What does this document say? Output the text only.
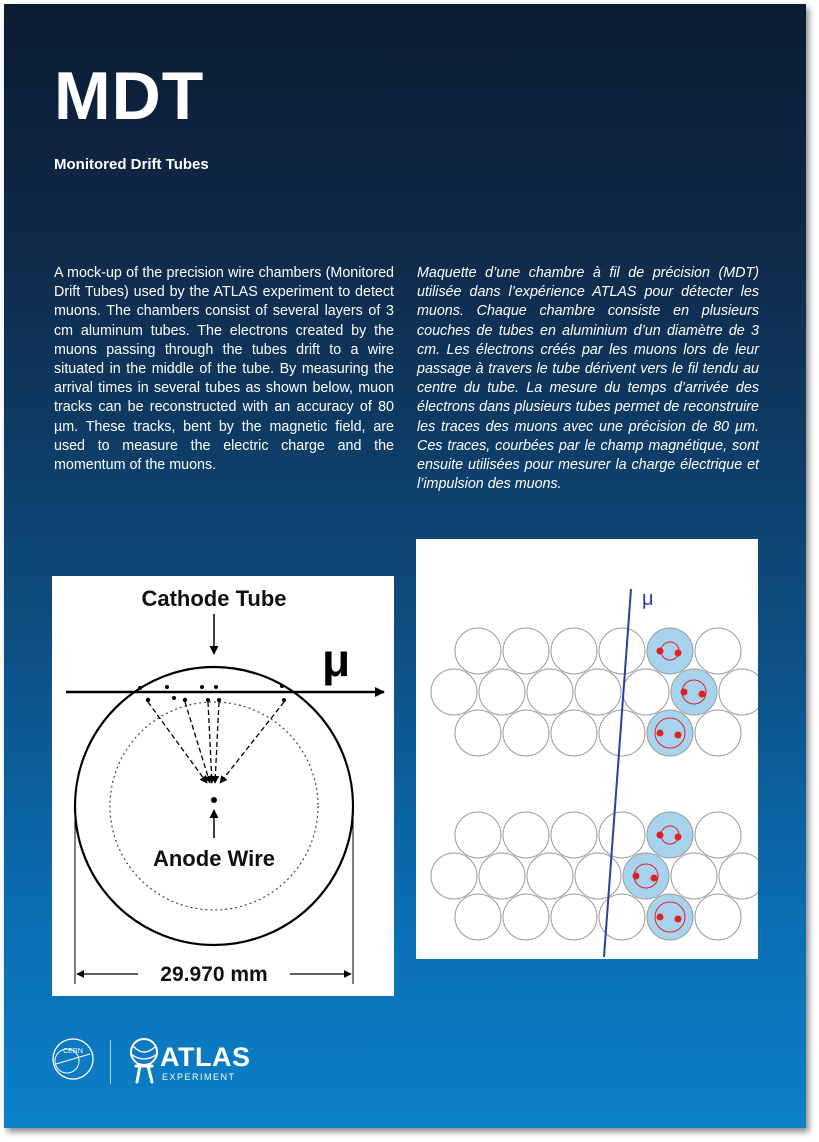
MDT
Monitored Drift Tubes

A mock-up of the precision wire chambers (Monitored Drift Tubes) used by the ATLAS experiment to detect muons. The chambers consist of several layers of 3 cm aluminum tubes. The electrons created by the muons passing through the tubes drift to a wire situated in the middle of the tube. By measuring the arrival times in several tubes as shown below, muon tracks can be reconstructed with an accuracy of 80 µm. These tracks, bent by the magnetic field, are used to measure the electric charge and the momentum of the muons.

Maquette d’une chambre à fil de précision (MDT) utilisée dans l’expérience ATLAS pour détecter les muons. Chaque chambre consiste en plusieurs couches de tubes en aluminium d’un diamètre de 3 cm. Les électrons créés par les muons lors de leur passage à travers le tube dérivent vers le fil tendu au centre du tube. La mesure du temps d’arrivée des électrons dans plusieurs tubes permet de reconstruire les traces des muons avec une précision de 80 µm. Ces traces, courbées par le champ magnétique, sont ensuite utilisées pour mesurer la charge électrique et l’impulsion des muons.

Cathode Tube
μ
Anode Wire
29.970 mm
μ
CERN	ATLAS
EXPERIMENT
